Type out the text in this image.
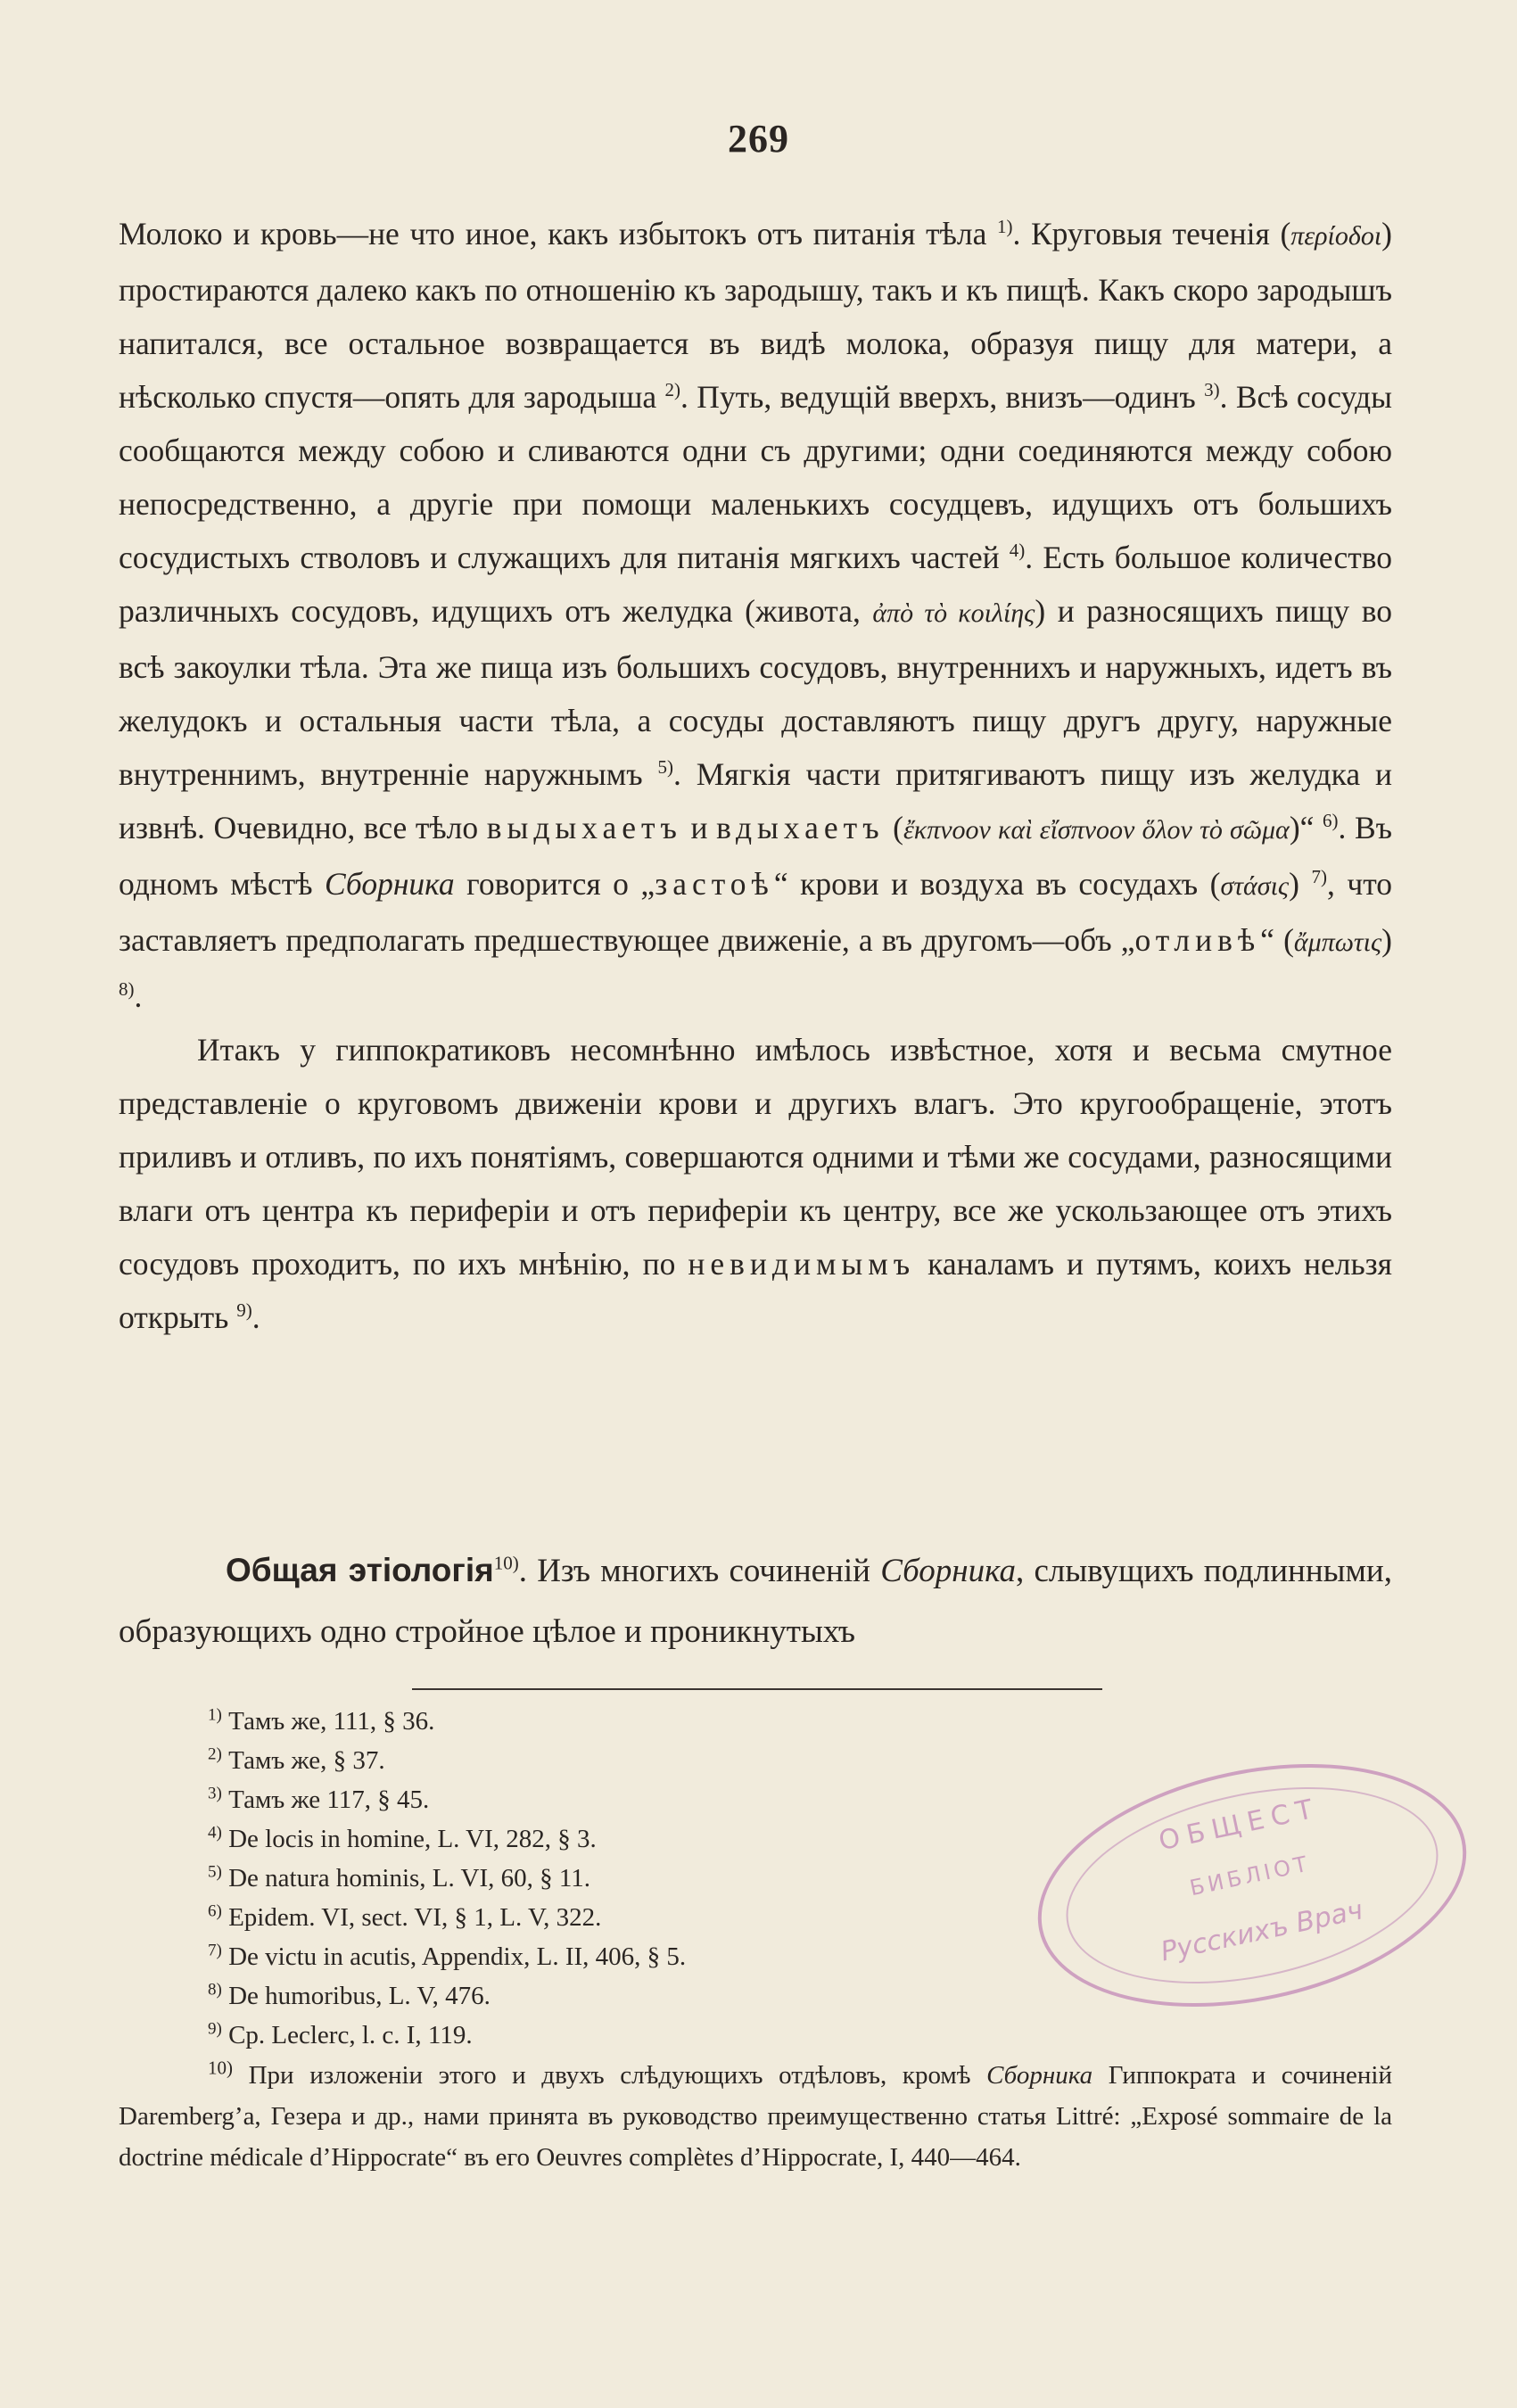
269

Молоко и кровь—не что иное, какъ избытокъ отъ питанія тѣла $^{1)}$. Круговыя теченія (περίοδοι) простираются далеко какъ по отношенію къ зародышу, такъ и къ пищѣ. Какъ скоро зародышъ напитался, все остальное возвращается въ видѣ молока, образуя пищу для матери, а нѣсколько спустя—опять для зародыша $^{2)}$. Путь, ведущій вверхъ, внизъ—одинъ $^{3)}$. Всѣ сосуды сообщаются между собою и сливаются одни съ другими; одни соединяются между собою непосредственно, а другіе при помощи маленькихъ сосудцевъ, идущихъ отъ большихъ сосудистыхъ стволовъ и служащихъ для питанія мягкихъ частей $^{4)}$. Есть большое количество различныхъ сосудовъ, идущихъ отъ желудка (живота, ἀπὸ τὸ κοιλίης) и разносящихъ пищу во всѣ закоулки тѣла. Эта же пища изъ большихъ сосудовъ, внутреннихъ и наружныхъ, идетъ въ желудокъ и остальныя части тѣла, а сосуды доставляютъ пищу другъ другу, наружные внутреннимъ, внутренніе наружнымъ $^{5)}$. Мягкія части притягиваютъ пищу изъ желудка и извнѣ. Очевидно, все тѣло выдыхаетъ и вдыхаетъ (ἔκπνοον καὶ εἴσπνοον ὅλον τὸ σῶμα)“ $^{6)}$. Въ одномъ мѣстѣ Сборника говорится о „застоѣ“ крови и воздуха въ сосудахъ (στάσις) $^{7)}$, что заставляетъ предполагать предшествующее движеніе, а въ другомъ—объ „отливѣ“ (ἄμπωτις) $^{8)}$.

Итакъ у гиппократиковъ несомнѣнно имѣлось извѣстное, хотя и весьма смутное представленіе о круговомъ движеніи крови и другихъ влагъ. Это кругообращеніе, этотъ приливъ и отливъ, по ихъ понятіямъ, совершаются одними и тѣми же сосудами, разносящими влаги отъ центра къ периферіи и отъ периферіи къ центру, все же ускользающее отъ этихъ сосудовъ проходитъ, по ихъ мнѣнію, по невидимымъ каналамъ и путямъ, коихъ нельзя открыть $^{9)}$.

Общая этіологія$^{10)}$. Изъ многихъ сочиненій Сборника, слывущихъ подлинными, образующихъ одно стройное цѣлое и проникнутыхъ

$^{1)}$ Тамъ же, 111, § 36.

$^{2)}$ Тамъ же, § 37.

$^{3)}$ Тамъ же 117, § 45.

$^{4)}$ De locis in homine, L. VI, 282, § 3.

$^{5)}$ De natura hominis, L. VI, 60, § 11.

$^{6)}$ Epidem. VI, sect. VI, § 1, L. V, 322.

$^{7)}$ De victu in acutis, Appendix, L. II, 406, § 5.

$^{8)}$ De humoribus, L. V, 476.

$^{9)}$ Ср. Leclerc, l. c. I, 119.

$^{10)}$ При изложеніи этого и двухъ слѣдующихъ отдѣловъ, кромѣ Сборника Гиппократа и сочиненій Daremberg’a, Гезера и др., нами принята въ руководство преимущественно статья Littré: „Exposé sommaire de la doctrine médicale d’Hippocrate“ въ его Oeuvres complètes d’Hippocrate, I, 440—464.

ОБЩЕСТ
БИБЛІОТ
Русскихъ Врач
